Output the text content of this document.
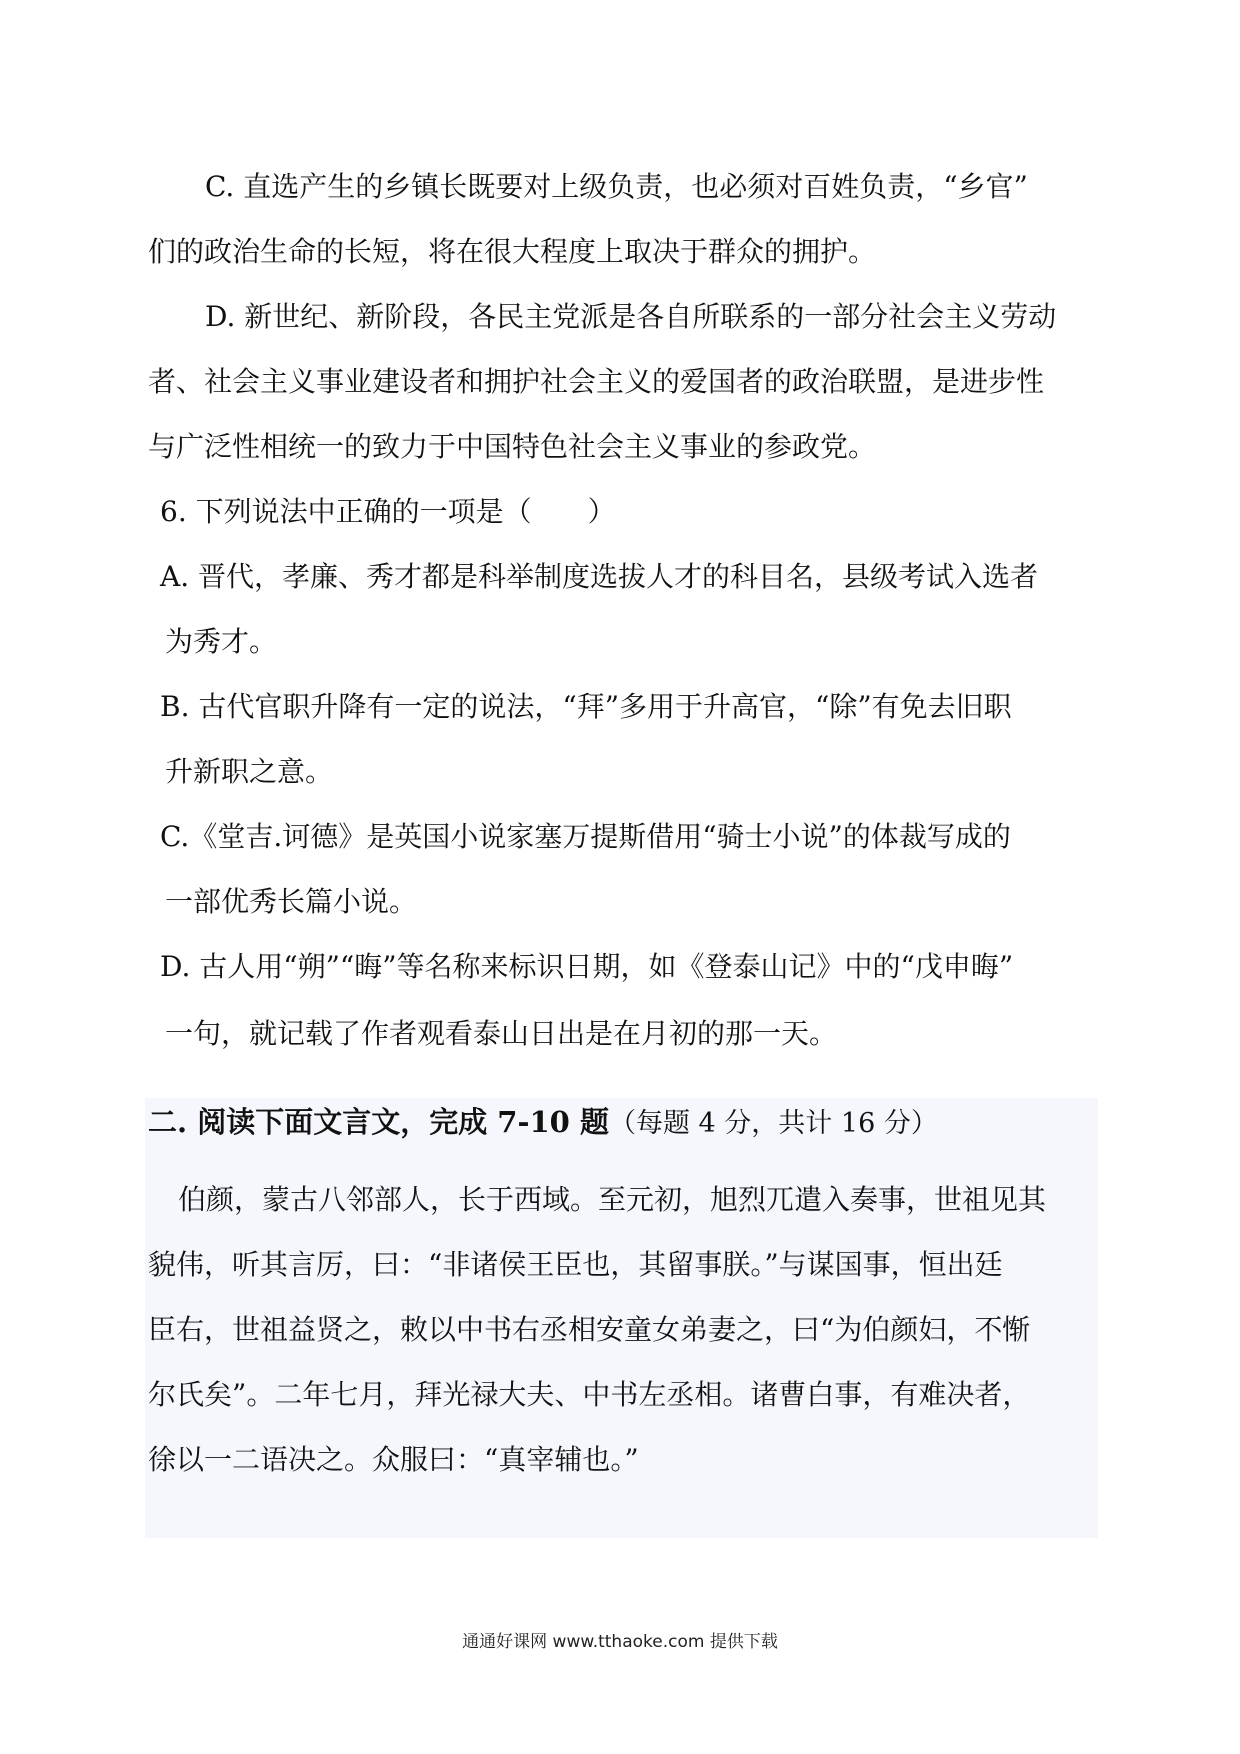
C. 直选产生的乡镇长既要对上级负责，也必须对百姓负责，“乡官”
们的政治生命的长短，将在很大程度上取决于群众的拥护。
D. 新世纪、新阶段，各民主党派是各自所联系的一部分社会主义劳动
者、社会主义事业建设者和拥护社会主义的爱国者的政治联盟，是进步性
与广泛性相统一的致力于中国特色社会主义事业的参政党。
6. 下列说法中正确的一项是（　　）
A. 晋代，孝廉、秀才都是科举制度选拔人才的科目名，县级考试入选者
为秀才。
B. 古代官职升降有一定的说法，“拜”多用于升高官，“除”有免去旧职
升新职之意。
C.《堂吉.诃德》是英国小说家塞万提斯借用“骑士小说”的体裁写成的
一部优秀长篇小说。
D. 古人用“朔”“晦”等名称来标识日期，如《登泰山记》中的“戊申晦”
一句，就记载了作者观看泰山日出是在月初的那一天。
二. 阅读下面文言文，完成 7-10 题（每题 4 分，共计 16 分）
伯颜，蒙古八邻部人，长于西域。至元初，旭烈兀遣入奏事，世祖见其
貌伟，听其言厉，曰：“非诸侯王臣也，其留事朕。”与谋国事，恒出廷
臣右，世祖益贤之，敕以中书右丞相安童女弟妻之，曰“为伯颜妇，不惭
尔氏矣”。二年七月，拜光禄大夫、中书左丞相。诸曹白事，有难决者，
徐以一二语决之。众服曰：“真宰辅也。”
通通好课网 www.tthaoke.com 提供下载
